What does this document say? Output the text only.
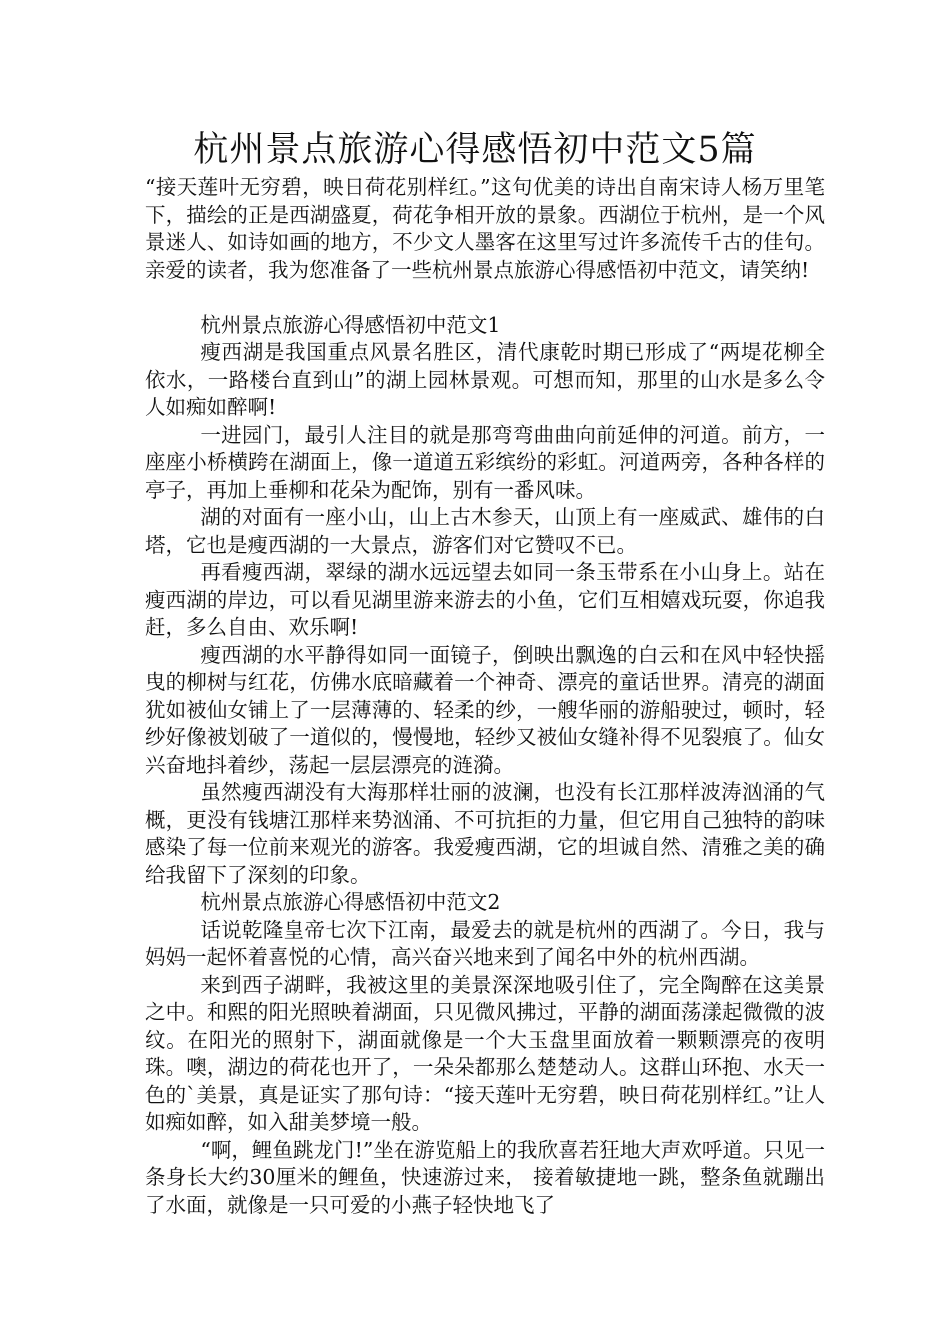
杭州景点旅游心得感悟初中范文5篇

“接天莲叶无穷碧，映日荷花别样红。”这句优美的诗出自南宋诗人杨万里笔下，描绘的正是西湖盛夏，荷花争相开放的景象。西湖位于杭州，是一个风景迷人、如诗如画的地方，不少文人墨客在这里写过许多流传千古的佳句。亲爱的读者，我为您准备了一些杭州景点旅游心得感悟初中范文，请笑纳!

杭州景点旅游心得感悟初中范文1

瘦西湖是我国重点风景名胜区，清代康乾时期已形成了“两堤花柳全依水，一路楼台直到山”的湖上园林景观。可想而知，那里的山水是多么令人如痴如醉啊!

一进园门，最引人注目的就是那弯弯曲曲向前延伸的河道。前方，一座座小桥横跨在湖面上，像一道道五彩缤纷的彩虹。河道两旁，各种各样的亭子，再加上垂柳和花朵为配饰，别有一番风味。

湖的对面有一座小山，山上古木参天，山顶上有一座威武、雄伟的白塔，它也是瘦西湖的一大景点，游客们对它赞叹不已。

再看瘦西湖，翠绿的湖水远远望去如同一条玉带系在小山身上。站在瘦西湖的岸边，可以看见湖里游来游去的小鱼，它们互相嬉戏玩耍，你追我赶，多么自由、欢乐啊!

瘦西湖的水平静得如同一面镜子，倒映出飘逸的白云和在风中轻快摇曳的柳树与红花，仿佛水底暗藏着一个神奇、漂亮的童话世界。清亮的湖面犹如被仙女铺上了一层薄薄的、轻柔的纱，一艘华丽的游船驶过，顿时，轻纱好像被划破了一道似的，慢慢地，轻纱又被仙女缝补得不见裂痕了。仙女兴奋地抖着纱，荡起一层层漂亮的涟漪。

虽然瘦西湖没有大海那样壮丽的波澜，也没有长江那样波涛汹涌的气概，更没有钱塘江那样来势汹涌、不可抗拒的力量，但它用自己独特的韵味感染了每一位前来观光的游客。我爱瘦西湖，它的坦诚自然、清雅之美的确给我留下了深刻的印象。

杭州景点旅游心得感悟初中范文2

话说乾隆皇帝七次下江南，最爱去的就是杭州的西湖了。今日，我与妈妈一起怀着喜悦的心情，高兴奋兴地来到了闻名中外的杭州西湖。

来到西子湖畔，我被这里的美景深深地吸引住了，完全陶醉在这美景之中。和熙的阳光照映着湖面，只见微风拂过，平静的湖面荡漾起微微的波纹。在阳光的照射下，湖面就像是一个大玉盘里面放着一颗颗漂亮的夜明珠。噢，湖边的荷花也开了，一朵朵都那么楚楚动人。这群山环抱、水天一色的`美景，真是证实了那句诗：“接天莲叶无穷碧，映日荷花别样红。”让人如痴如醉，如入甜美梦境一般。

“啊，鲤鱼跳龙门!”坐在游览船上的我欣喜若狂地大声欢呼道。只见一条身长大约30厘米的鲤鱼，快速游过来， 接着敏捷地一跳，整条鱼就蹦出了水面，就像是一只可爱的小燕子轻快地飞了
